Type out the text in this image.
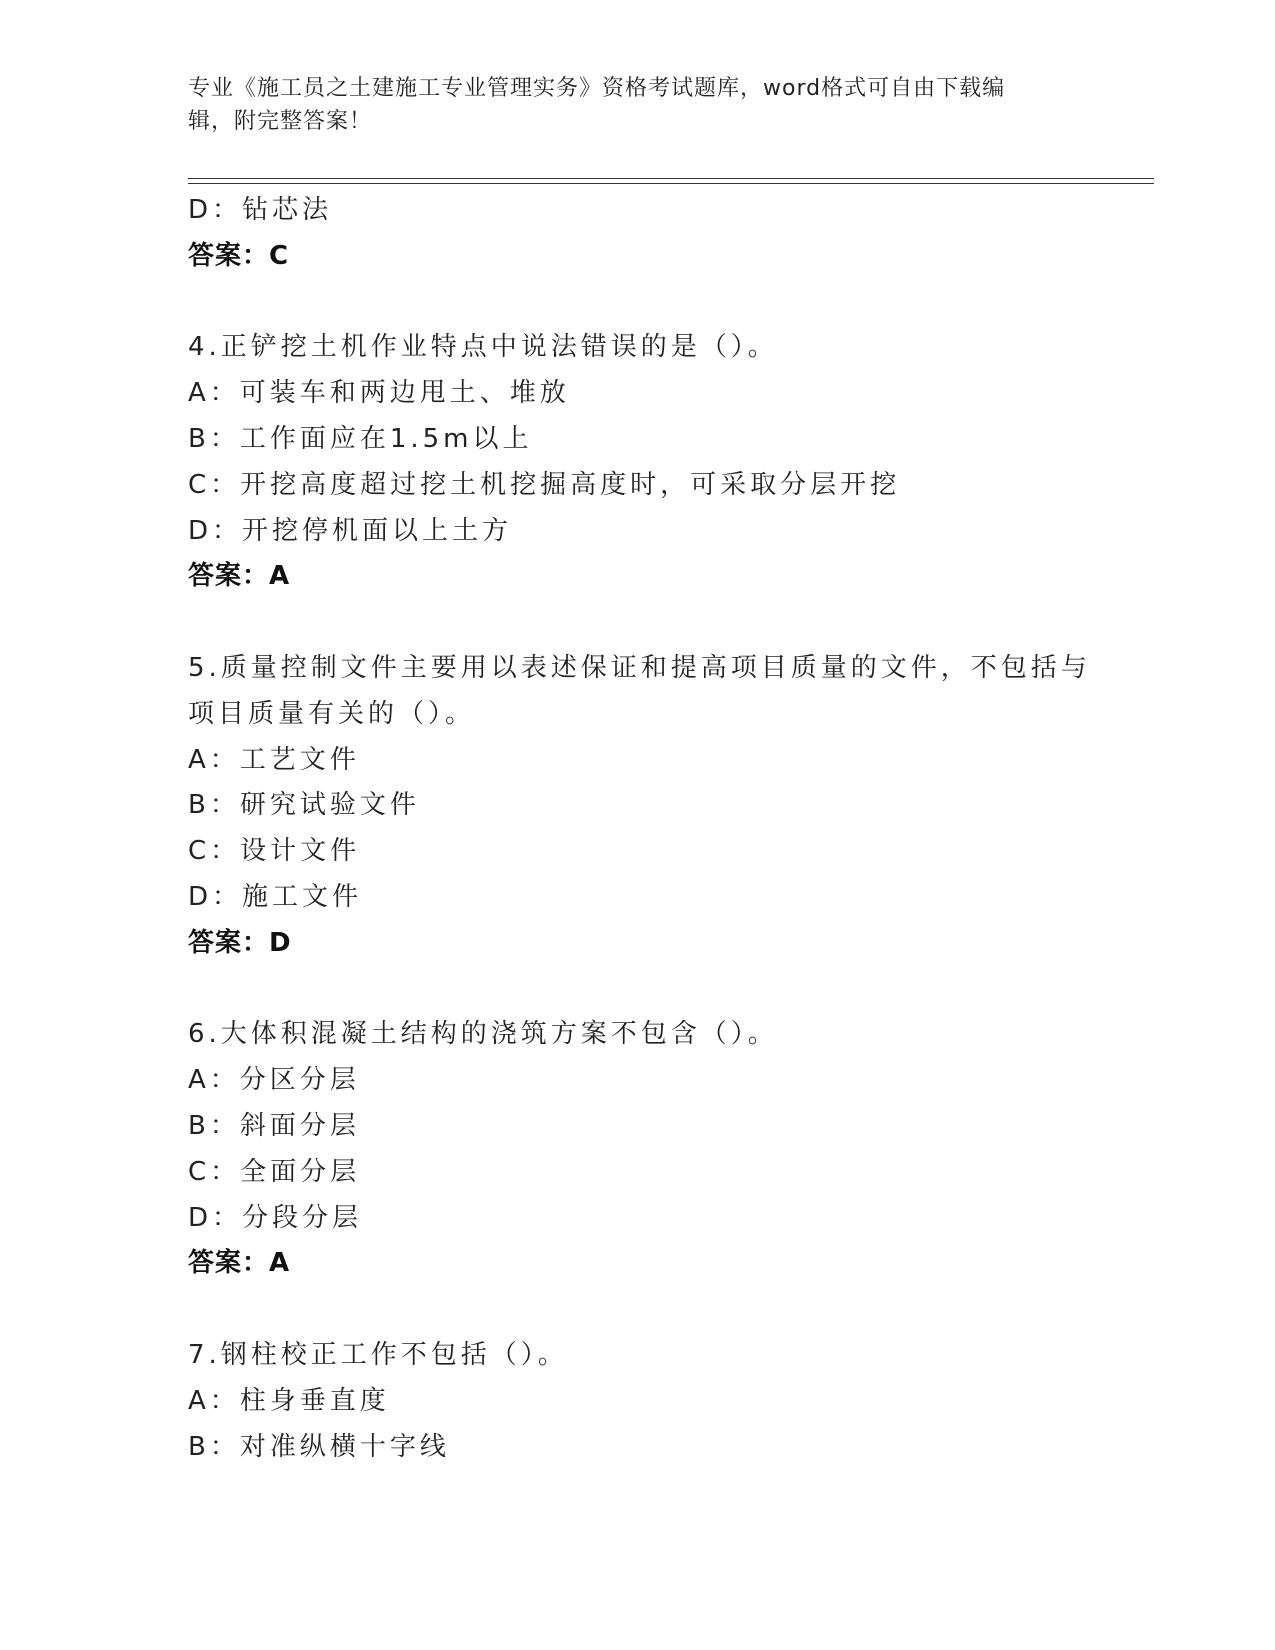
专业《施工员之土建施工专业管理实务》资格考试题库，word格式可自由下载编
辑，附完整答案！
D：钻芯法
答案：C
4.正铲挖土机作业特点中说法错误的是（）。
A：可装车和两边甩土、堆放
B：工作面应在1.5m以上
C：开挖高度超过挖土机挖掘高度时，可采取分层开挖
D：开挖停机面以上土方
答案：A
5.质量控制文件主要用以表述保证和提高项目质量的文件，不包括与
项目质量有关的（）。
A：工艺文件
B：研究试验文件
C：设计文件
D：施工文件
答案：D
6.大体积混凝土结构的浇筑方案不包含（）。
A：分区分层
B：斜面分层
C：全面分层
D：分段分层
答案：A
7.钢柱校正工作不包括（）。
A：柱身垂直度
B：对准纵横十字线
